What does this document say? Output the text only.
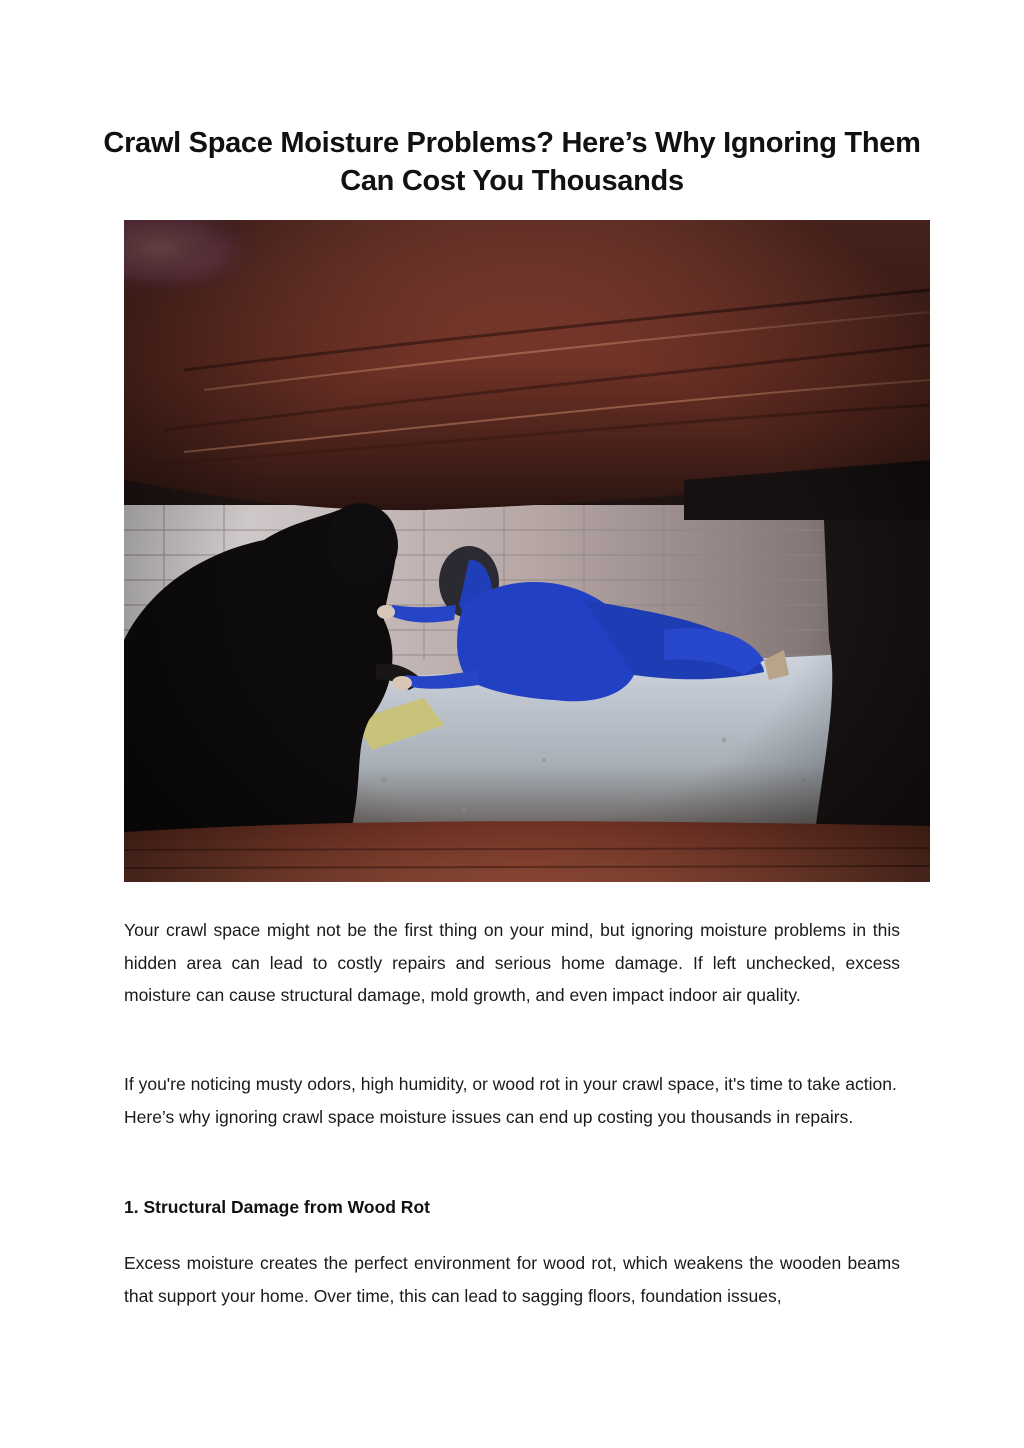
Crawl Space Moisture Problems? Here’s Why Ignoring Them Can Cost You Thousands

Your crawl space might not be the first thing on your mind, but ignoring moisture problems in this hidden area can lead to costly repairs and serious home damage. If left unchecked, excess moisture can cause structural damage, mold growth, and even impact indoor air quality.

If you're noticing musty odors, high humidity, or wood rot in your crawl space, it's time to take action. Here’s why ignoring crawl space moisture issues can end up costing you thousands in repairs.

1. Structural Damage from Wood Rot

Excess moisture creates the perfect environment for wood rot, which weakens the wooden beams that support your home. Over time, this can lead to sagging floors, foundation issues,
